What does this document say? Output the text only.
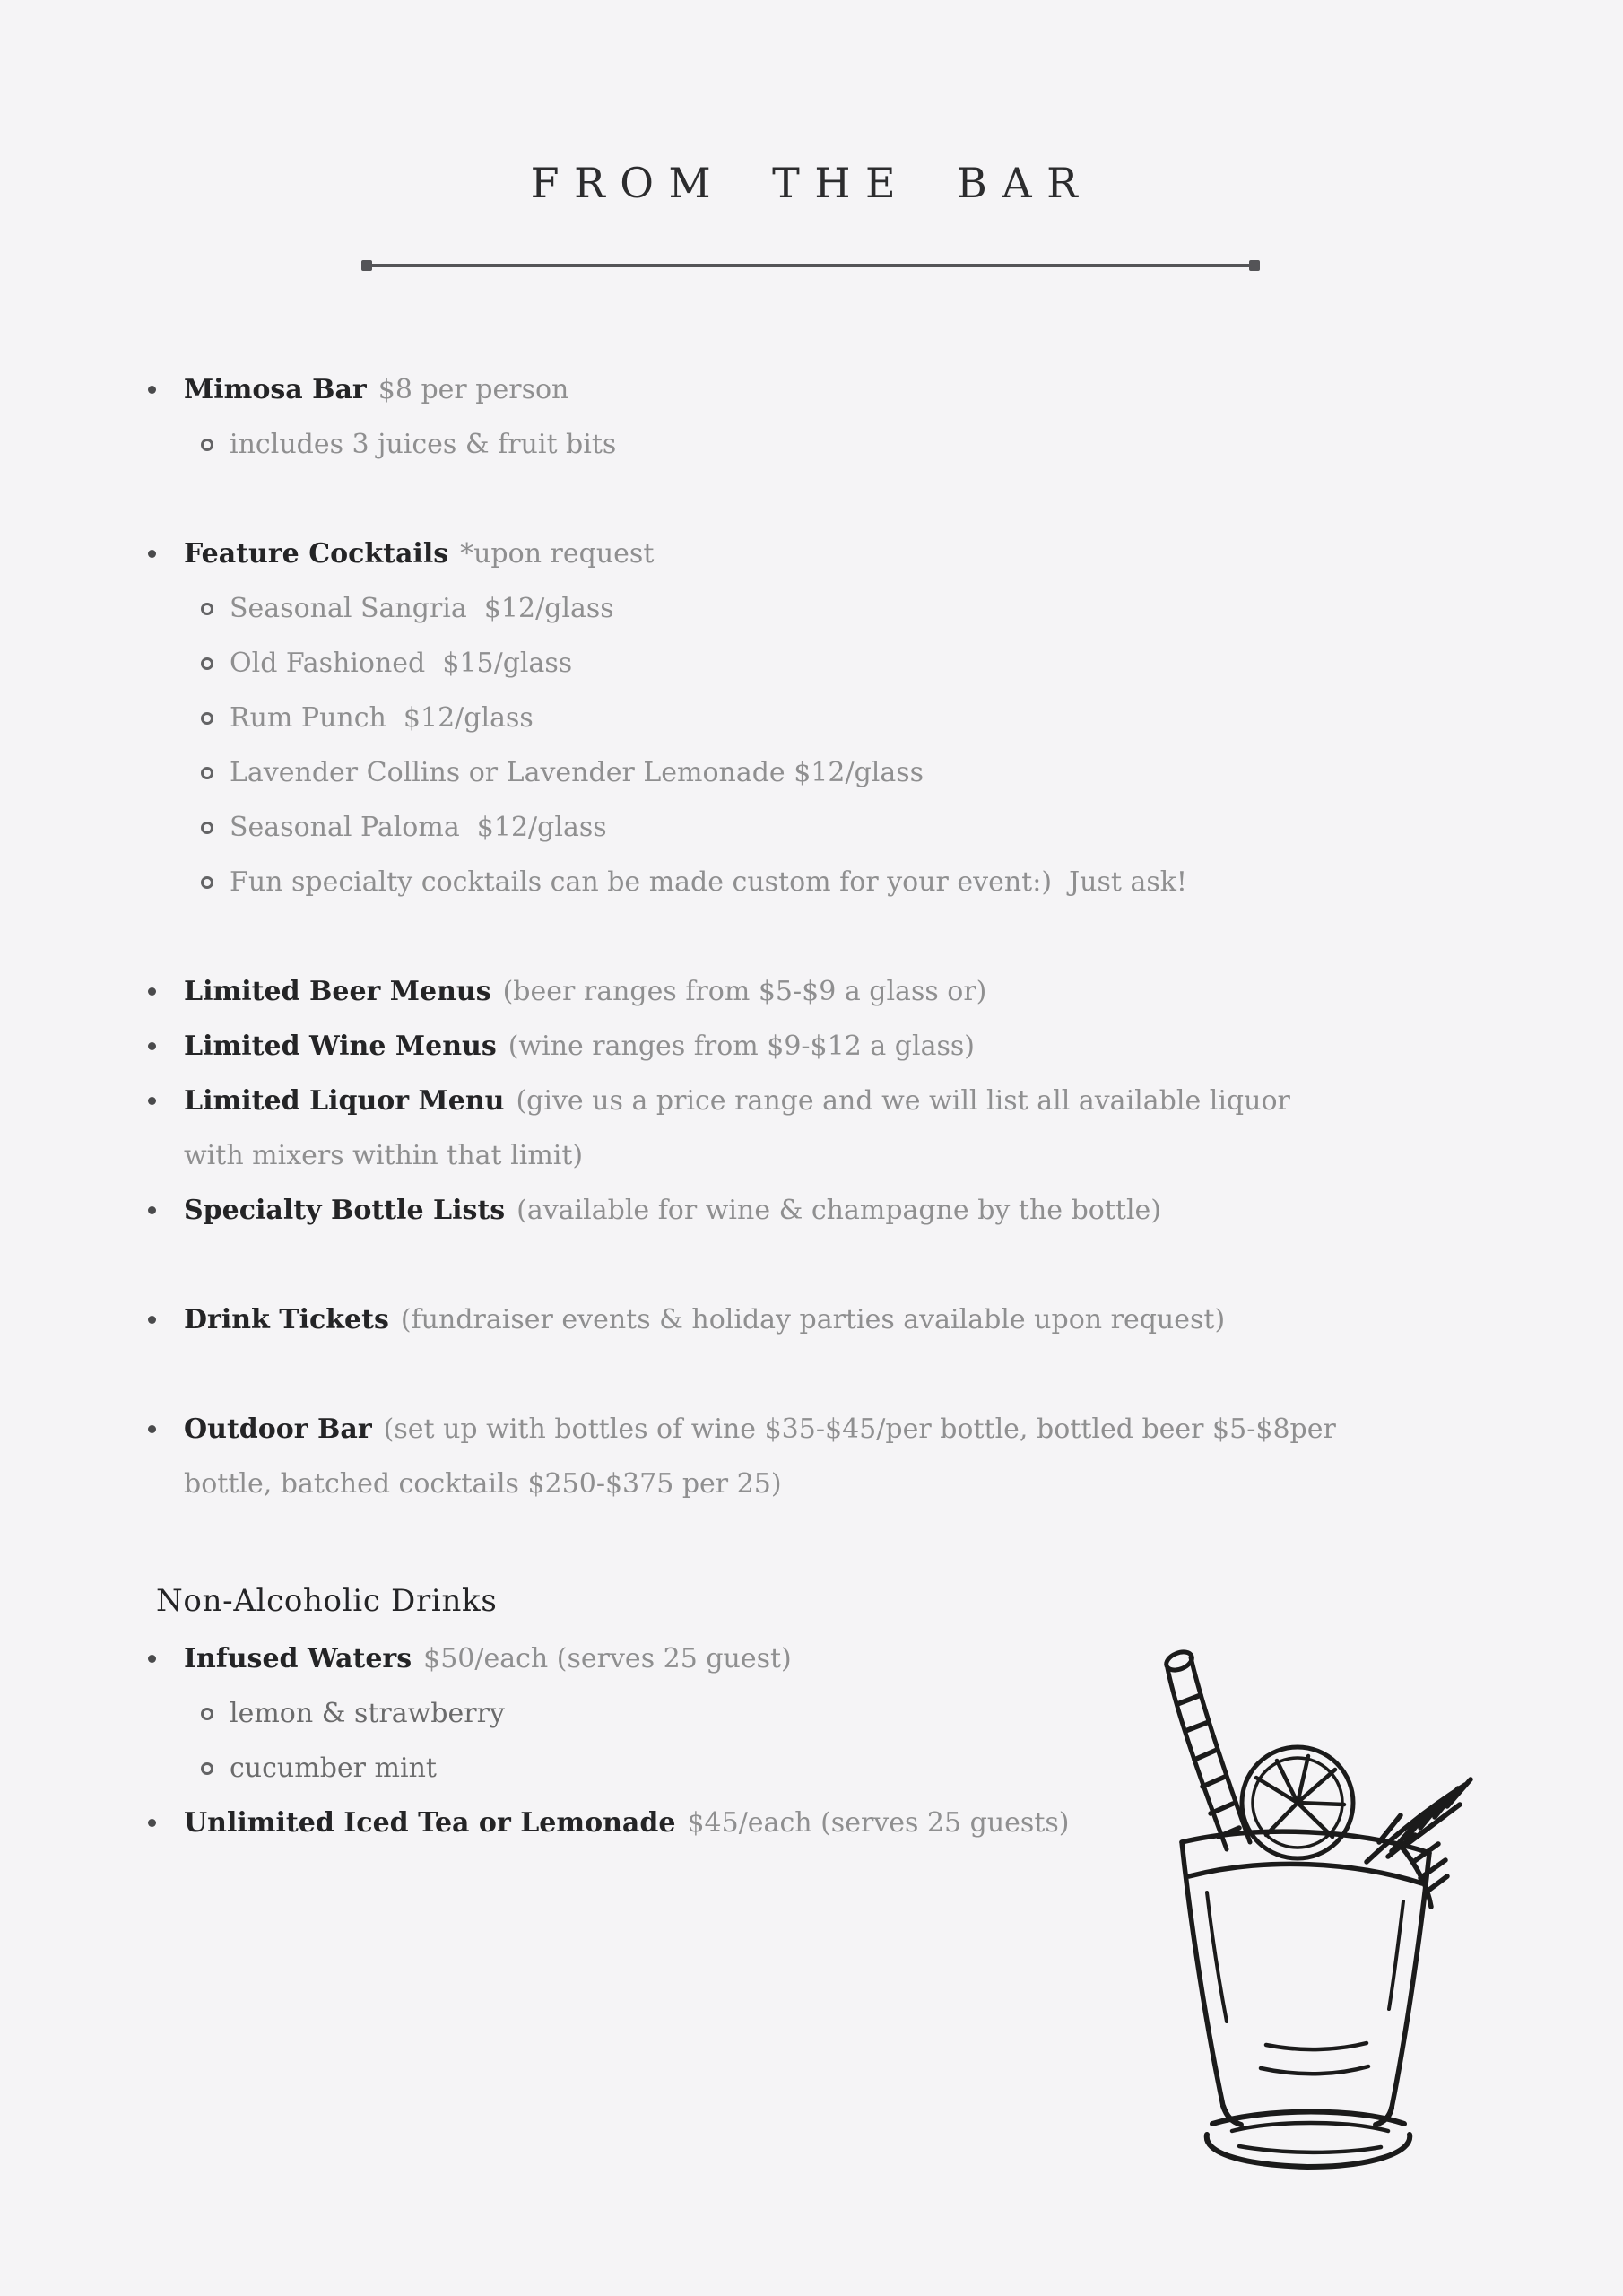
FROM THE BAR
Mimosa Bar $8 per person
includes 3 juices & fruit bits
Feature Cocktails *upon request
Seasonal Sangria  $12/glass
Old Fashioned  $15/glass
Rum Punch  $12/glass
Lavender Collins or Lavender Lemonade $12/glass
Seasonal Paloma  $12/glass
Fun specialty cocktails can be made custom for your event:)  Just ask!
Limited Beer Menus (beer ranges from $5-$9 a glass or)
Limited Wine Menus (wine ranges from $9-$12 a glass)
Limited Liquor Menu (give us a price range and we will list all available liquor with mixers within that limit)
Specialty Bottle Lists (available for wine & champagne by the bottle)
Drink Tickets (fundraiser events & holiday parties available upon request)
Outdoor Bar (set up with bottles of wine $35-$45/per bottle, bottled beer $5-$8per bottle, batched cocktails $250-$375 per 25)
Non-Alcoholic Drinks
Infused Waters $50/each (serves 25 guest)
lemon & strawberry
cucumber mint
Unlimited Iced Tea or Lemonade $45/each (serves 25 guests)
